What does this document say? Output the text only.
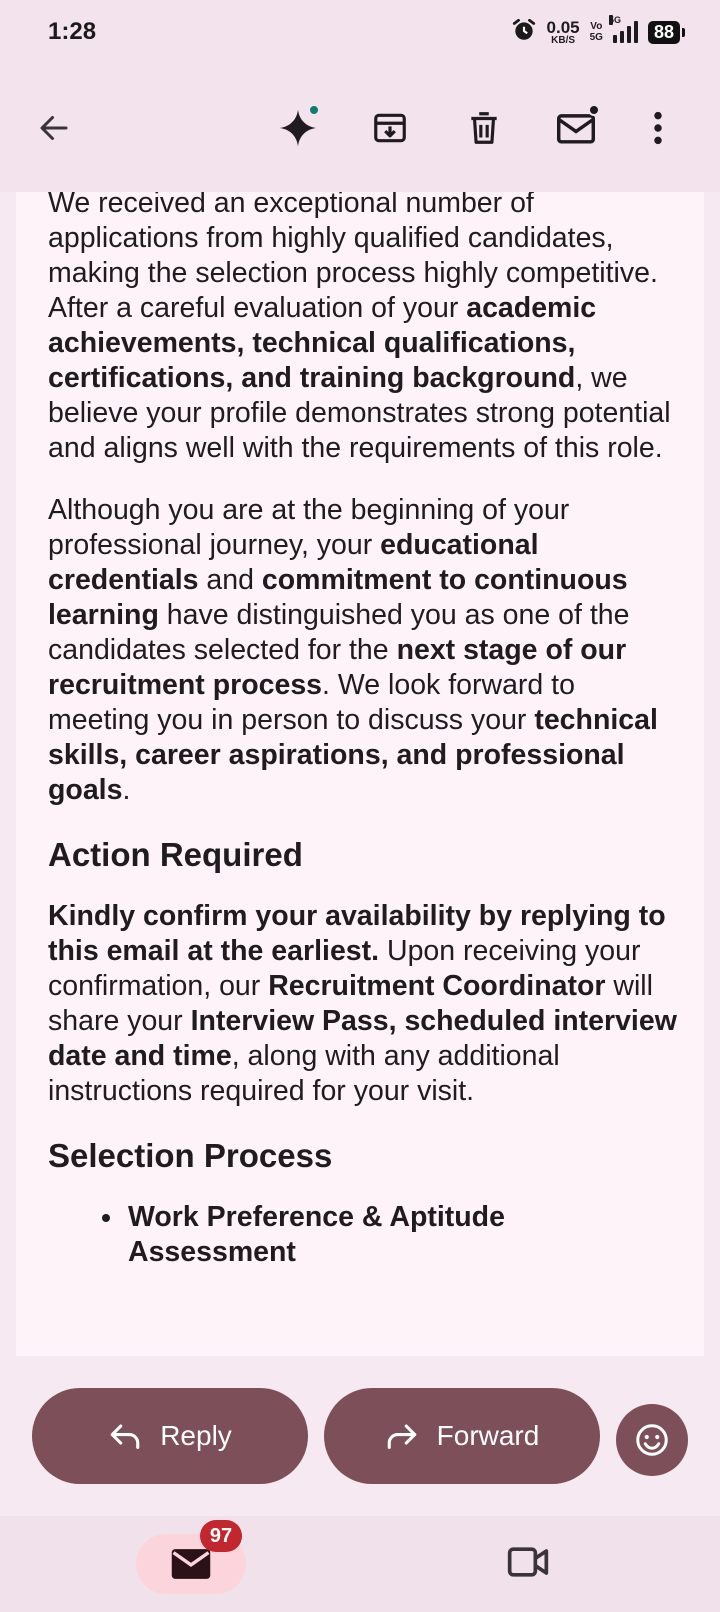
1:28	0.05
KB/S
Vo
5G
5G
88

We received an exceptional number of applications from highly qualified candidates, making the selection process highly competitive. After a careful evaluation of your academic achievements, technical qualifications, certifications, and training background, we believe your profile demonstrates strong potential and aligns well with the requirements of this role.

Although you are at the beginning of your professional journey, your educational credentials and commitment to continuous learning have distinguished you as one of the candidates selected for the next stage of our recruitment process. We look forward to meeting you in person to discuss your technical skills, career aspirations, and professional goals.

Action Required

Kindly confirm your availability by replying to this email at the earliest. Upon receiving your confirmation, our Recruitment Coordinator will share your Interview Pass, scheduled interview date and time, along with any additional instructions required for your visit.

Selection Process
Work Preference & Aptitude Assessment
Reply	Forward
97
